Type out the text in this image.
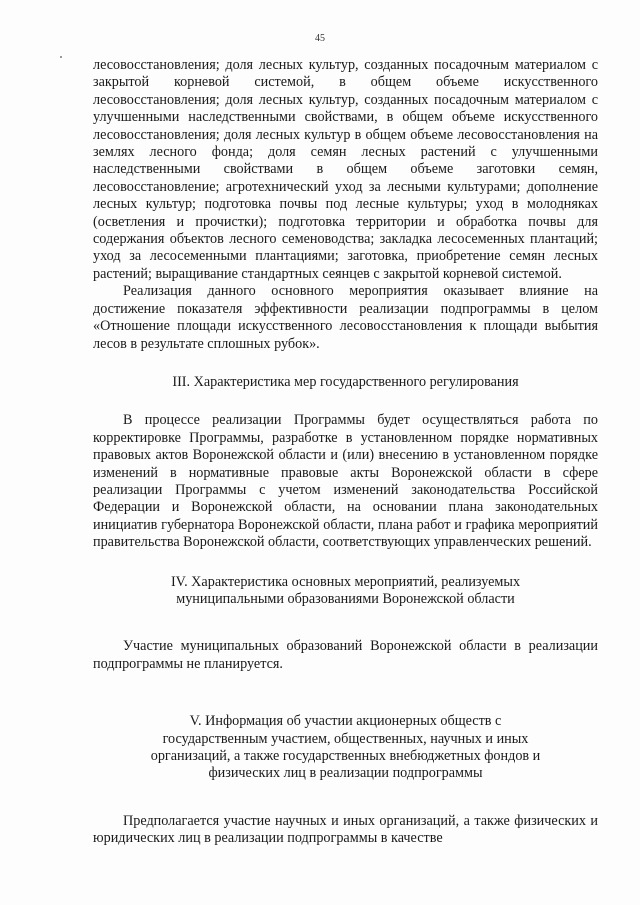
45

лесовосстановления; доля лесных культур, созданных посадочным материалом с закрытой корневой системой, в общем объеме искусственного лесовосстановления; доля лесных культур, созданных посадочным материалом с улучшенными наследственными свойствами, в общем объеме искусственного лесовосстановления; доля лесных культур в общем объеме лесовосстановления на землях лесного фонда; доля семян лесных растений с улучшенными наследственными свойствами в общем объеме заготовки семян, лесовосстановление; агротехнический уход за лесными культурами; дополнение лесных культур; подготовка почвы под лесные культуры; уход в молодняках (осветления и прочистки); подготовка территории и обработка почвы для содержания объектов лесного семеноводства; закладка лесосеменных плантаций; уход за лесосеменными плантациями; заготовка, приобретение семян лесных растений; выращивание стандартных сеянцев с закрытой корневой системой.

Реализация данного основного мероприятия оказывает влияние на достижение показателя эффективности реализации подпрограммы в целом «Отношение площади искусственного лесовосстановления к площади выбытия лесов в результате сплошных рубок».

III. Характеристика мер государственного регулирования

В процессе реализации Программы будет осуществляться работа по корректировке Программы, разработке в установленном порядке нормативных правовых актов Воронежской области и (или) внесению в установленном порядке изменений в нормативные правовые акты Воронежской области в сфере реализации Программы с учетом изменений законодательства Российской Федерации и Воронежской области, на основании плана законодательных инициатив губернатора Воронежской области, плана работ и графика мероприятий правительства Воронежской области, соответствующих управленческих решений.

IV. Характеристика основных мероприятий, реализуемых
муниципальными образованиями Воронежской области

Участие муниципальных образований Воронежской области в реализации подпрограммы не планируется.

V. Информация об участии акционерных обществ с
государственным участием, общественных, научных и иных
организаций, а также государственных внебюджетных фондов и
физических лиц в реализации подпрограммы

Предполагается участие научных и иных организаций, а также физических и юридических лиц в реализации подпрограммы в качестве
